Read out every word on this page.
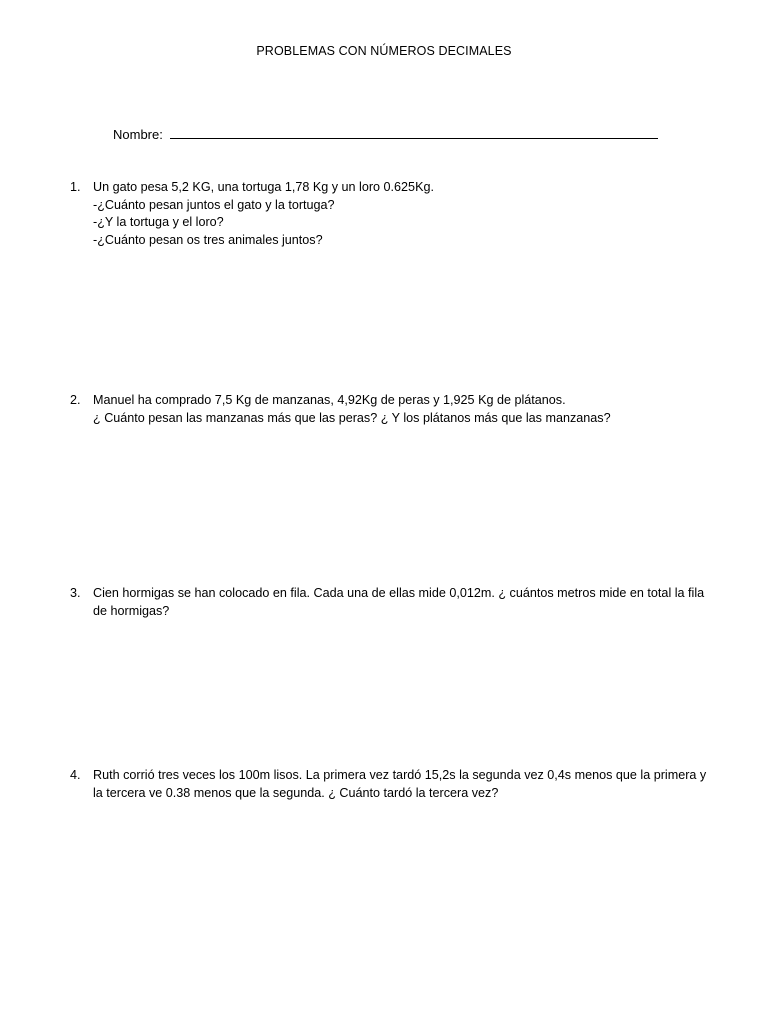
PROBLEMAS CON NÚMEROS DECIMALES
Nombre:
1. Un gato pesa 5,2 KG, una tortuga 1,78 Kg y un loro 0.625Kg.
-¿Cuánto pesan juntos el gato y la tortuga?
-¿Y la tortuga y el loro?
-¿Cuánto pesan os tres animales juntos?
2. Manuel ha comprado 7,5 Kg de manzanas, 4,92Kg de peras y 1,925 Kg de plátanos.
¿ Cuánto pesan las manzanas más que las peras? ¿ Y los plátanos más que las manzanas?
3. Cien hormigas se han colocado en fila. Cada una de ellas mide 0,012m. ¿ cuántos metros mide en total la fila
de hormigas?
4. Ruth corrió tres veces los 100m lisos. La primera vez tardó 15,2s la segunda vez 0,4s menos que la primera y
la tercera ve 0.38 menos que la segunda. ¿ Cuánto tardó la tercera vez?
